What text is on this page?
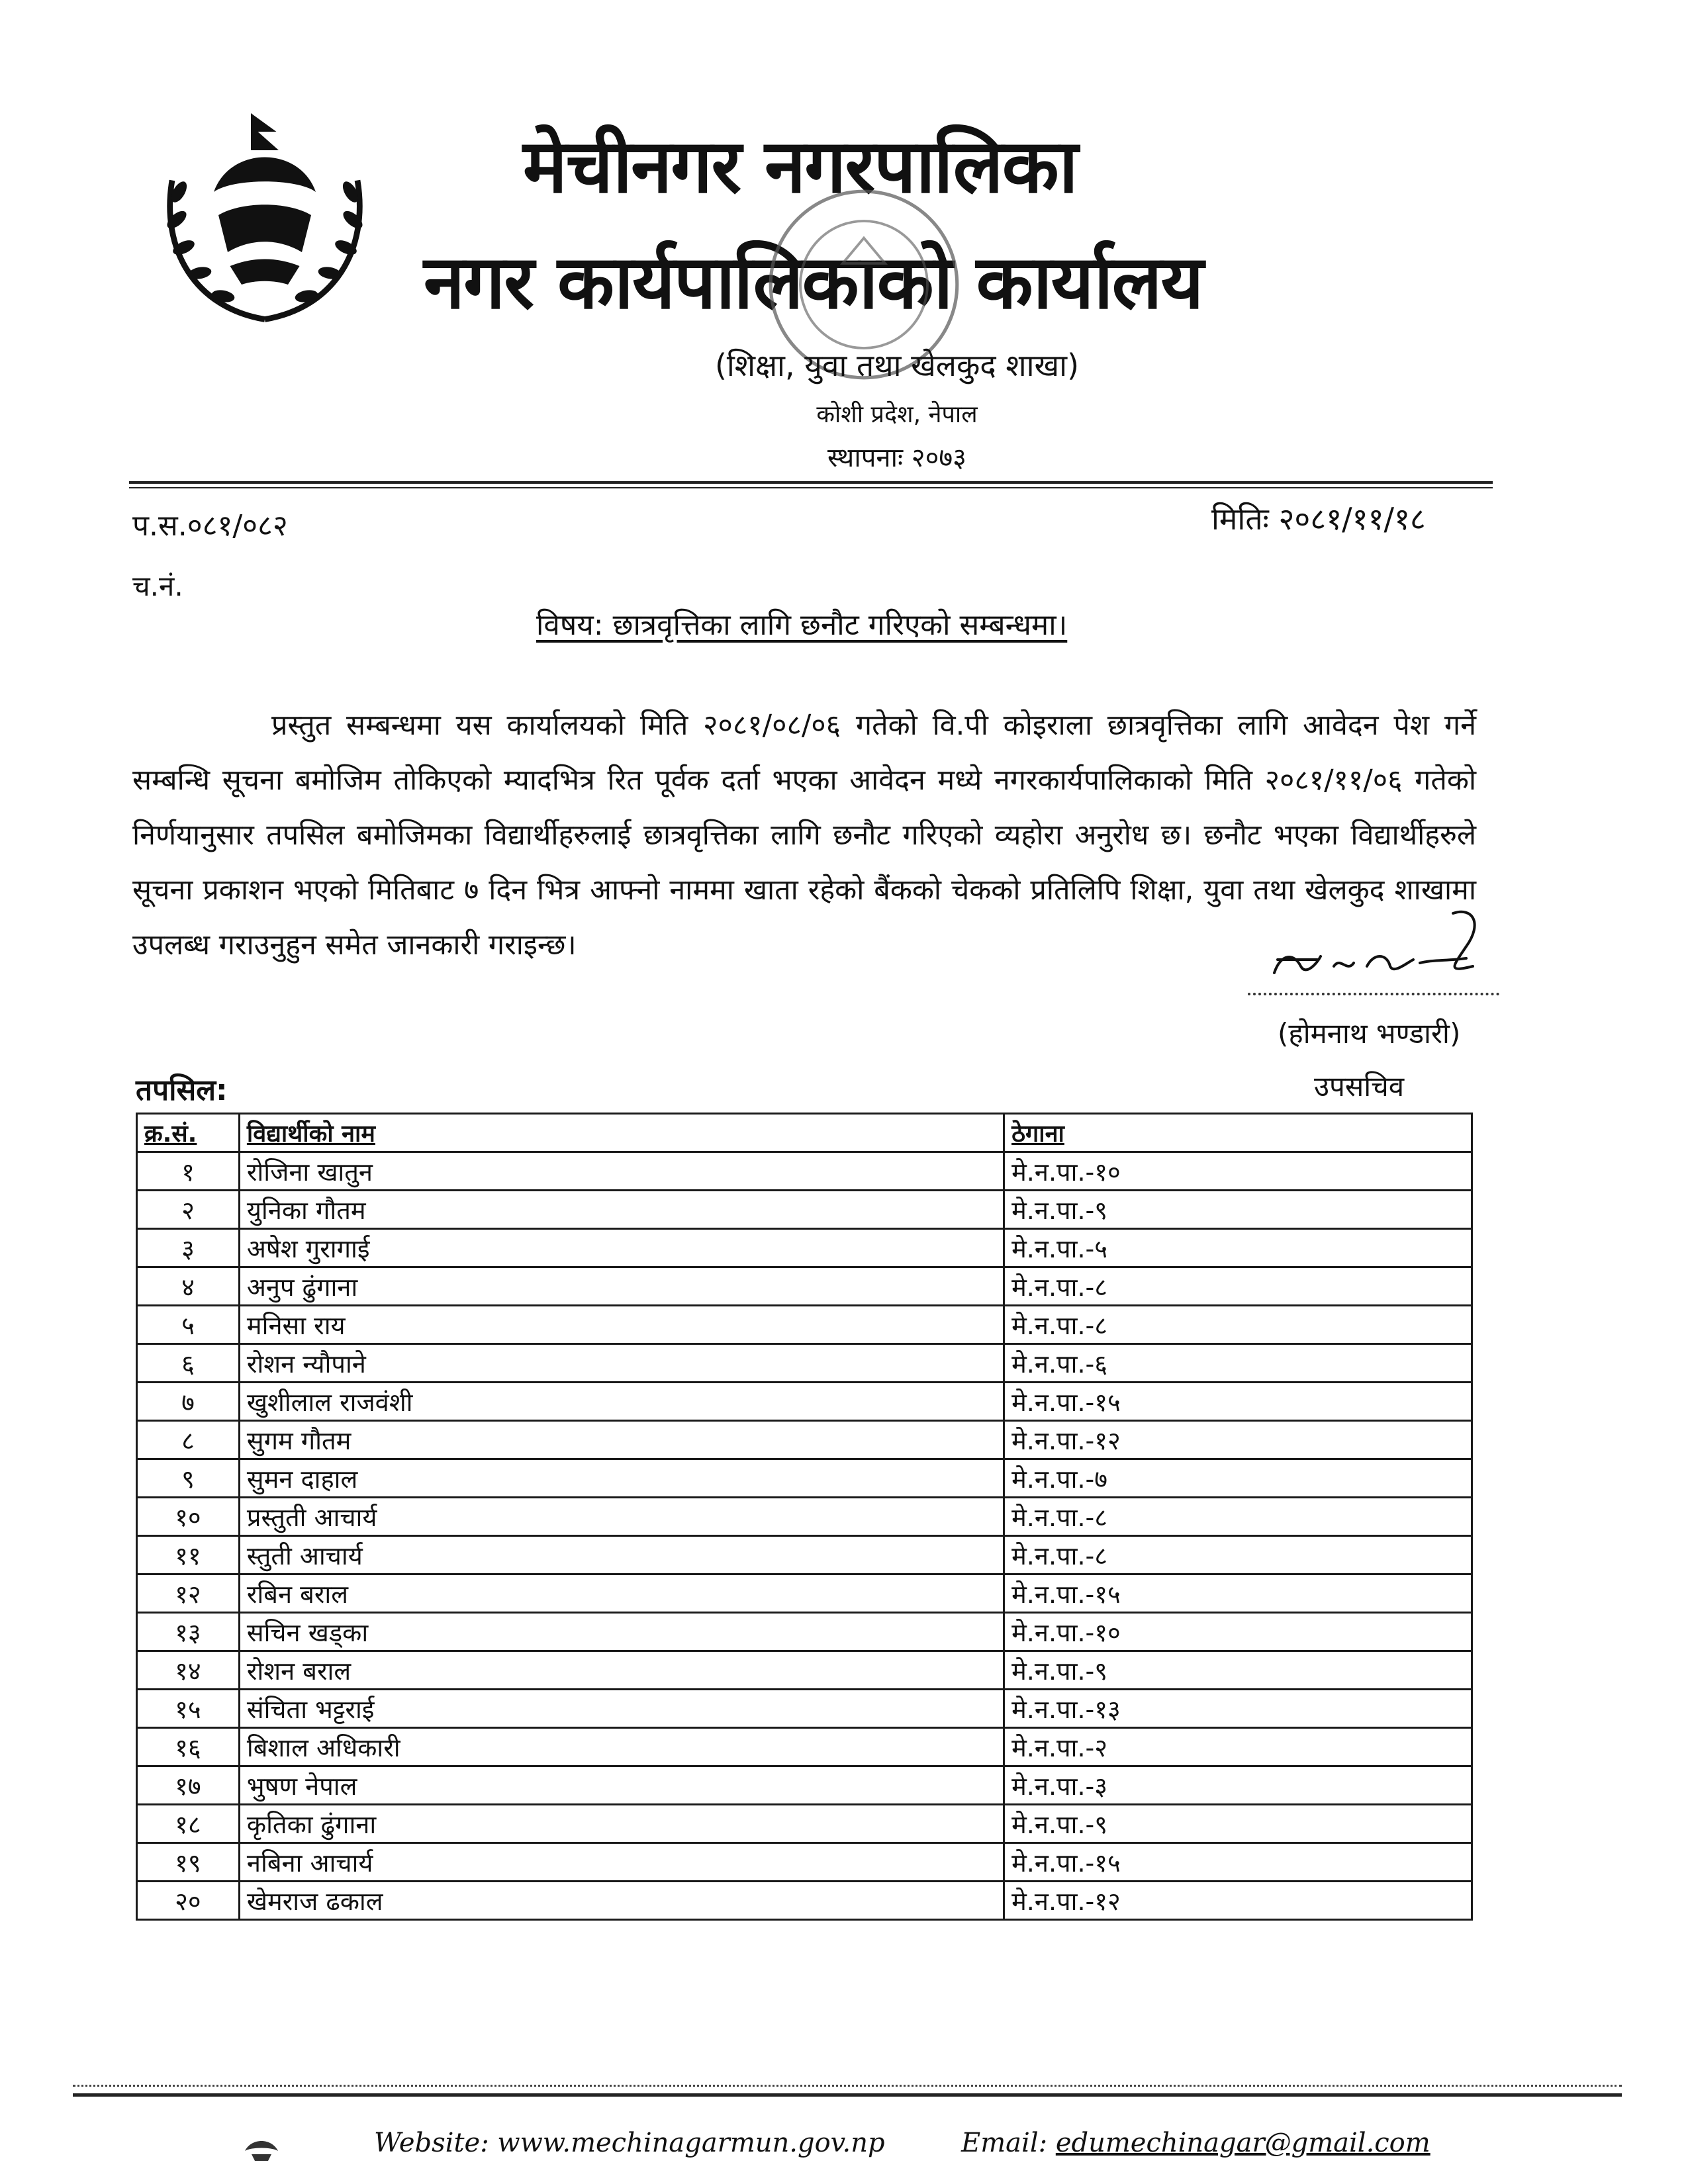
मेचीनगर नगरपालिका
नगर कार्यपालिकाको कार्यालय
(शिक्षा, युवा तथा खेलकुद शाखा)
कोशी प्रदेश, नेपाल
स्थापनाः २०७३
प.स.०८१/०८२	मितिः २०८१/११/१८
च.नं.
विषय: छात्रवृत्तिका लागि छनौट गरिएको सम्बन्धमा।
प्रस्तुत सम्बन्धमा यस कार्यालयको मिति २०८१/०८/०६ गतेको वि.पी कोइराला छात्रवृत्तिका लागि आवेदन पेश गर्ने सम्बन्धि सूचना बमोजिम तोकिएको म्यादभित्र रित पूर्वक दर्ता भएका आवेदन मध्ये नगरकार्यपालिकाको मिति २०८१/११/०६ गतेको निर्णयानुसार तपसिल बमोजिमका विद्यार्थीहरुलाई छात्रवृत्तिका लागि छनौट गरिएको व्यहोरा अनुरोध छ। छनौट भएका विद्यार्थीहरुले सूचना प्रकाशन भएको मितिबाट ७ दिन भित्र आफ्नो नाममा खाता रहेको बैंकको चेकको प्रतिलिपि शिक्षा, युवा तथा खेलकुद शाखामा उपलब्ध गराउनुहुन समेत जानकारी गराइन्छ।
(होमनाथ भण्डारी)
उपसचिव
तपसिल:
क्र.सं.	विद्यार्थीको नाम	ठेगाना
१	रोजिना खातुन	मे.न.पा.-१०
२	युनिका गौतम	मे.न.पा.-९
३	अषेश गुरागाई	मे.न.पा.-५
४	अनुप ढुंगाना	मे.न.पा.-८
५	मनिसा राय	मे.न.पा.-८
६	रोशन न्यौपाने	मे.न.पा.-६
७	खुशीलाल राजवंशी	मे.न.पा.-१५
८	सुगम गौतम	मे.न.पा.-१२
९	सुमन दाहाल	मे.न.पा.-७
१०	प्रस्तुती आचार्य	मे.न.पा.-८
११	स्तुती आचार्य	मे.न.पा.-८
१२	रबिन बराल	मे.न.पा.-१५
१३	सचिन खड्का	मे.न.पा.-१०
१४	रोशन बराल	मे.न.पा.-९
१५	संचिता भट्टराई	मे.न.पा.-१३
१६	बिशाल अधिकारी	मे.न.पा.-२
१७	भुषण नेपाल	मे.न.पा.-३
१८	कृतिका ढुंगाना	मे.न.पा.-९
१९	नबिना आचार्य	मे.न.पा.-१५
२०	खेमराज ढकाल	मे.न.पा.-१२
Website: www.mechinagarmun.gov.np	Email: edumechinagar@gmail.com
